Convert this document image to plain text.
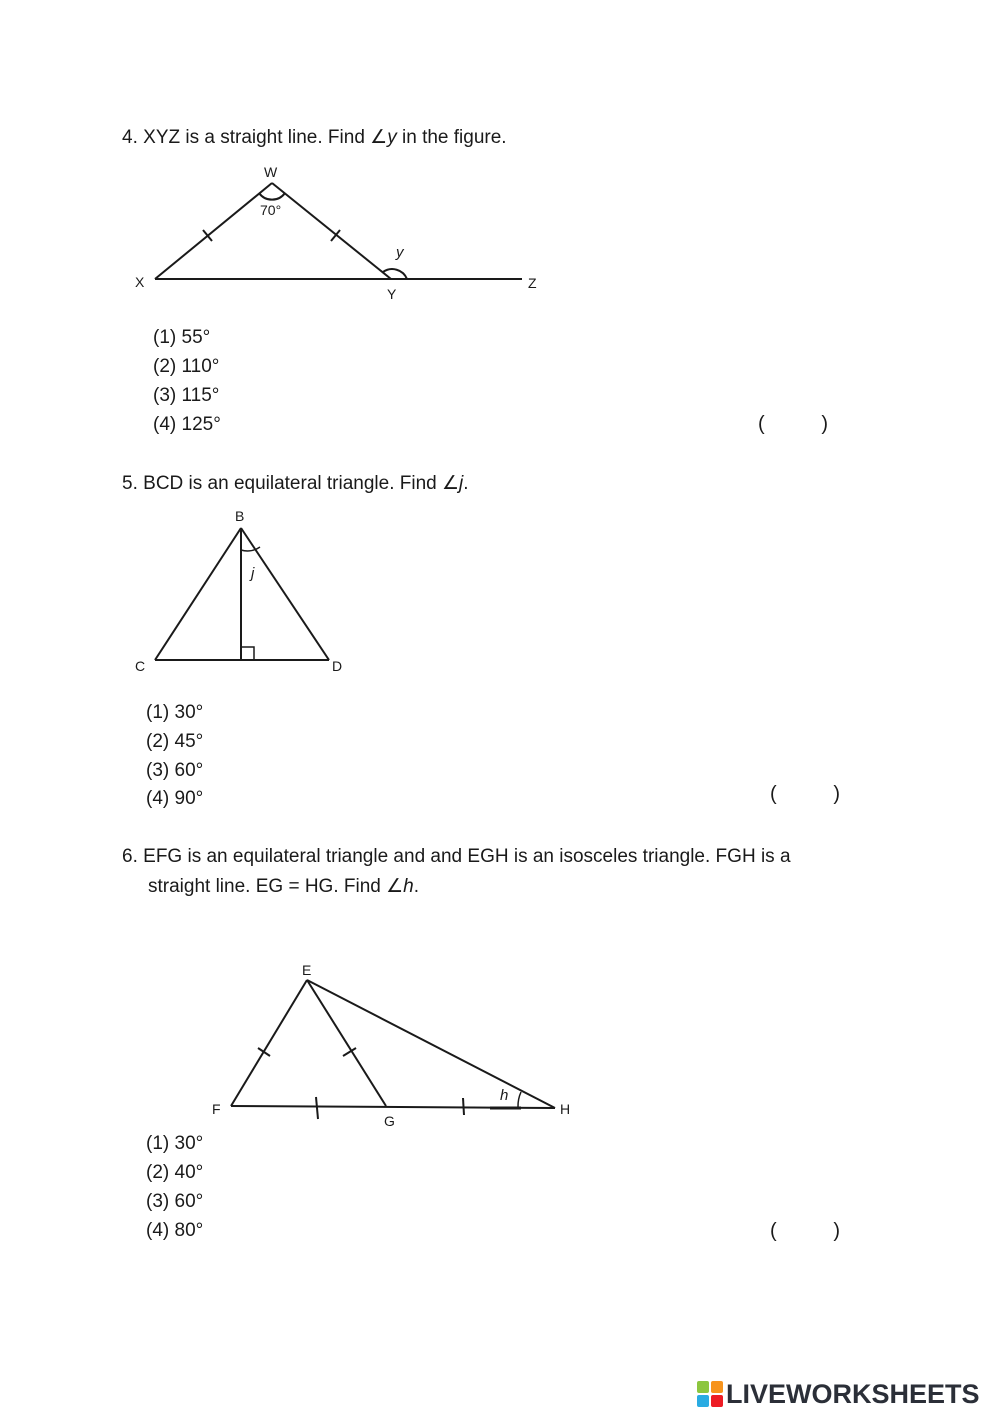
4. XYZ is a straight line. Find ∠y in the figure.
W
70°
X
Y
Z
y
(1) 55°
(2) 110°
(3) 115°
(4) 125°	(	)
5. BCD is an equilateral triangle. Find ∠j.
B
C	D
j
(1) 30°
(2) 45°
(3) 60°
(4) 90°	(	)
6. EFG is an equilateral triangle and and EGH is an isosceles triangle. FGH is a
straight line. EG = HG. Find ∠h.
E
F
G
H
h
(1) 30°
(2) 40°
(3) 60°
(4) 80°	(	)
LIVEWORKSHEETS
